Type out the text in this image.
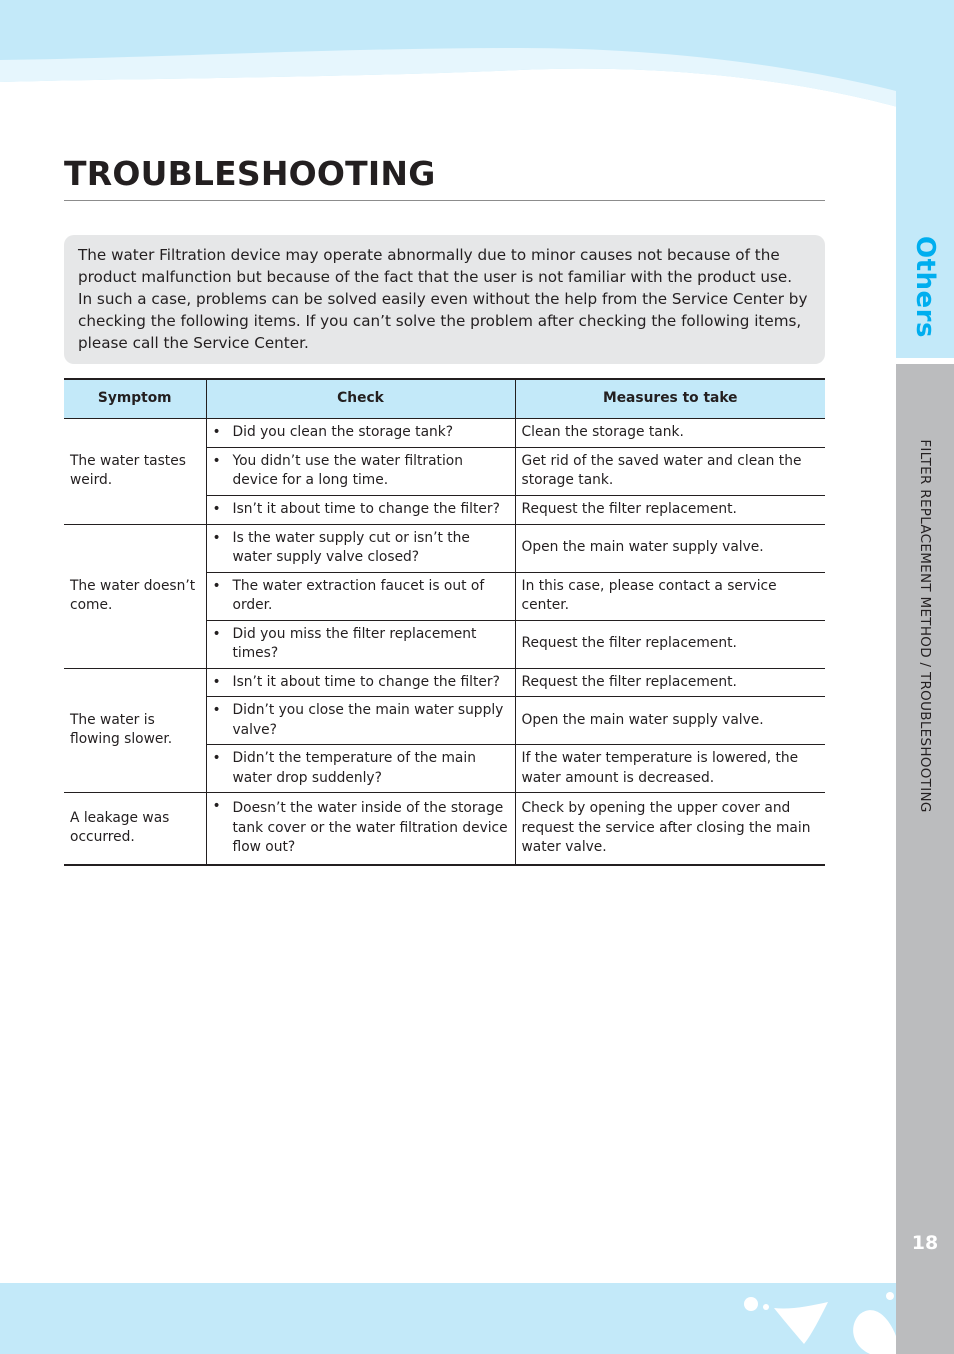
Others
FILTER REPLACEMENT METHOD / TROUBLESHOOTING
18
TROUBLESHOOTING
The water Filtration device may operate abnormally due to minor causes not because of the product malfunction but because of the fact that the user is not familiar with the product use. In such a case, problems can be solved easily even without the help from the Service Center by checking the following items. If you can’t solve the problem after checking the following items, please call the Service Center.
Symptom	Check	Measures to take
The water tastes weird.	• Did you clean the storage tank?	Clean the storage tank.

	• You didn’t use the water filtration device for a long time.	Get rid of the saved water and clean the storage tank.

	• Isn’t it about time to change the filter?	Request the filter replacement.
The water doesn’t come.	• Is the water supply cut or isn’t the water supply valve closed?	Open the main water supply valve.

	• The water extraction faucet is out of order.	In this case, please contact a service center.

	• Did you miss the filter replacement times?	Request the filter replacement.
The water is flowing slower.	• Isn’t it about time to change the filter?	Request the filter replacement.

	• Didn’t you close the main water supply valve?	Open the main water supply valve.

	• Didn’t the temperature of the main water drop suddenly?	If the water temperature is lowered, the water amount is decreased.
A leakage was occurred.	• Doesn’t the water inside of the storage tank cover or the water filtration device flow out?	Check by opening the upper cover and request the service after closing the main water valve.
